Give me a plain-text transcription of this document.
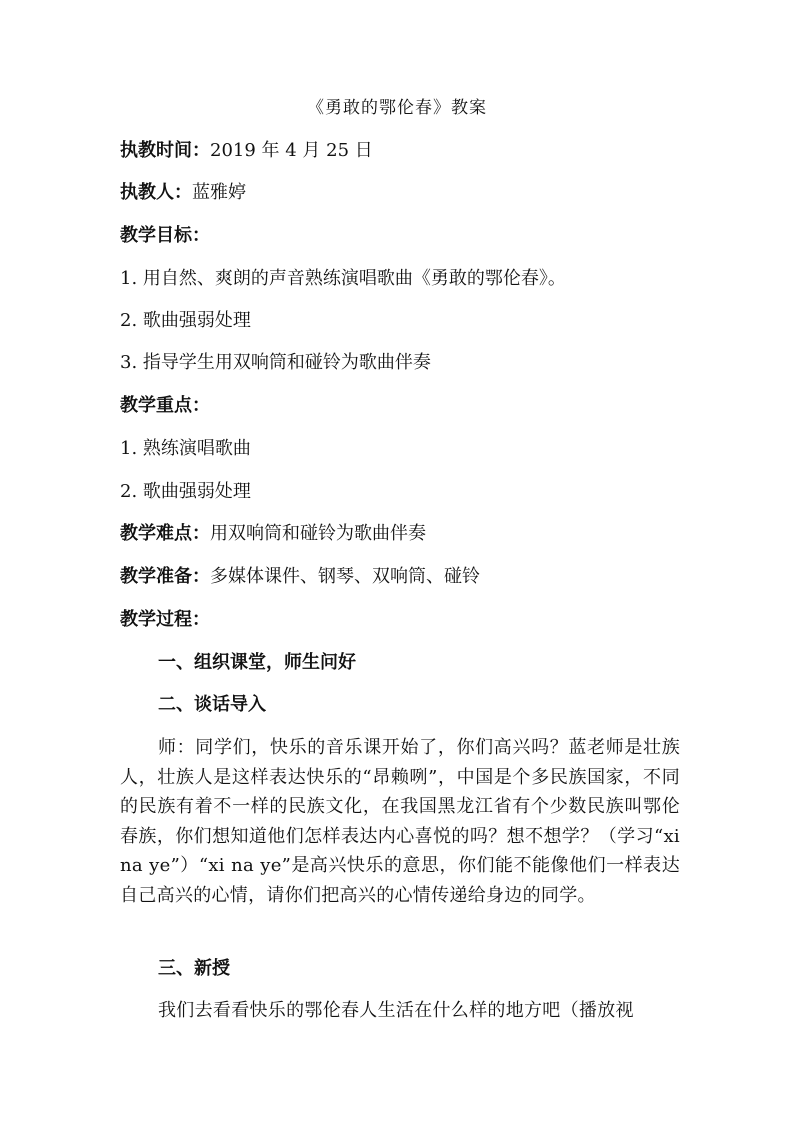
《勇敢的鄂伦春》教案
执教时间：2019 年 4 月 25 日
执教人：蓝雅婷
教学目标：
1. 用自然、爽朗的声音熟练演唱歌曲《勇敢的鄂伦春》。
2. 歌曲强弱处理
3. 指导学生用双响筒和碰铃为歌曲伴奏
教学重点：
1. 熟练演唱歌曲
2. 歌曲强弱处理
教学难点：用双响筒和碰铃为歌曲伴奏
教学准备：多媒体课件、钢琴、双响筒、碰铃
教学过程：
一、组织课堂，师生问好
二、谈话导入
师：同学们，快乐的音乐课开始了，你们高兴吗？蓝老师是壮族人，壮族人是这样表达快乐的“昂赖咧”，中国是个多民族国家，不同的民族有着不一样的民族文化，在我国黑龙江省有个少数民族叫鄂伦春族，你们想知道他们怎样表达内心喜悦的吗？想不想学？（学习“xi na ye”）“xi na ye”是高兴快乐的意思，你们能不能像他们一样表达自己高兴的心情，请你们把高兴的心情传递给身边的同学。
三、新授
我们去看看快乐的鄂伦春人生活在什么样的地方吧（播放视
